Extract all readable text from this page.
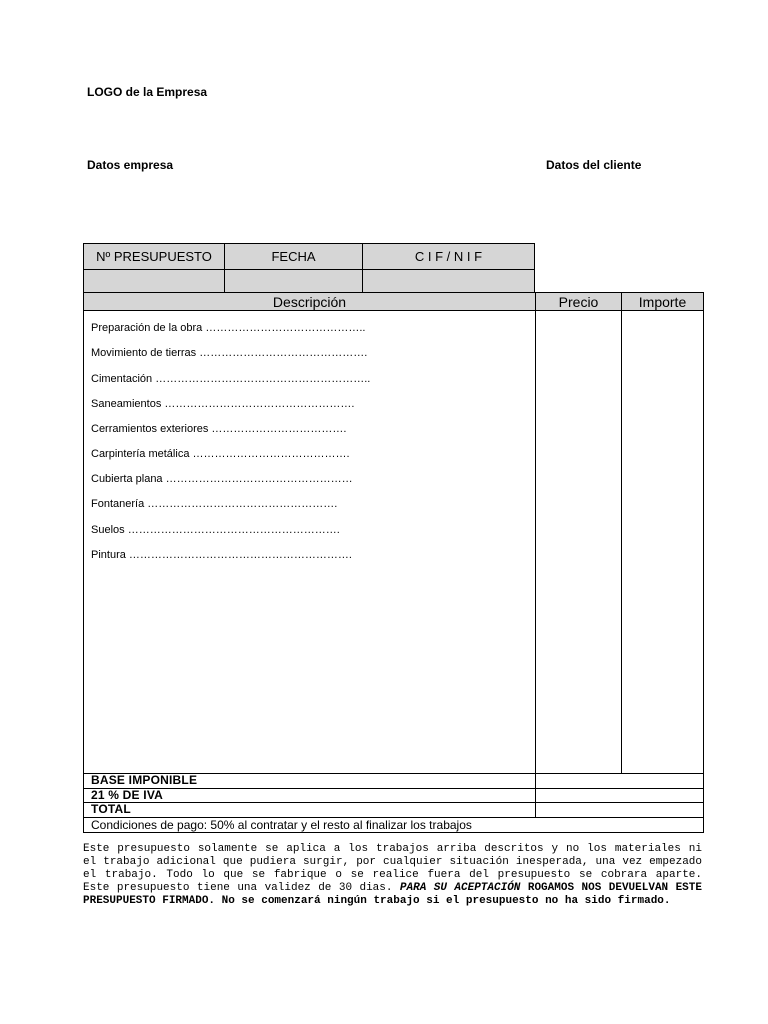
LOGO de la Empresa
Datos empresa	Datos del cliente
Nº PRESUPUESTO	FECHA	C I F / N I F
Descripción	Precio	Importe
Preparación de la obra ……………………………………..
Movimiento de tierras ……………………………………….
Cimentación …………………………………………………..
Saneamientos …………………………………………….
Cerramientos exteriores ……………………………….
Carpintería metálica …………………………………….
Cubierta plana ……………………………………………
Fontanería …………………………………………….
Suelos ………………………………………………….
Pintura …………………………………………………….
BASE IMPONIBLE
21 % DE IVA
TOTAL
Condiciones de pago: 50% al contratar y el resto al finalizar los trabajos
Este presupuesto solamente se aplica a los trabajos arriba descritos y no los materiales ni el trabajo adicional que pudiera surgir, por cualquier situación inesperada, una vez empezado el trabajo. Todo lo que se fabrique o se realice fuera del presupuesto se cobrara aparte. Este presupuesto tiene una validez de 30 dias. PARA SU ACEPTACIÓN ROGAMOS NOS DEVUELVAN ESTE PRESUPUESTO FIRMADO. No se comenzará ningún trabajo si el presupuesto no ha sido firmado.
